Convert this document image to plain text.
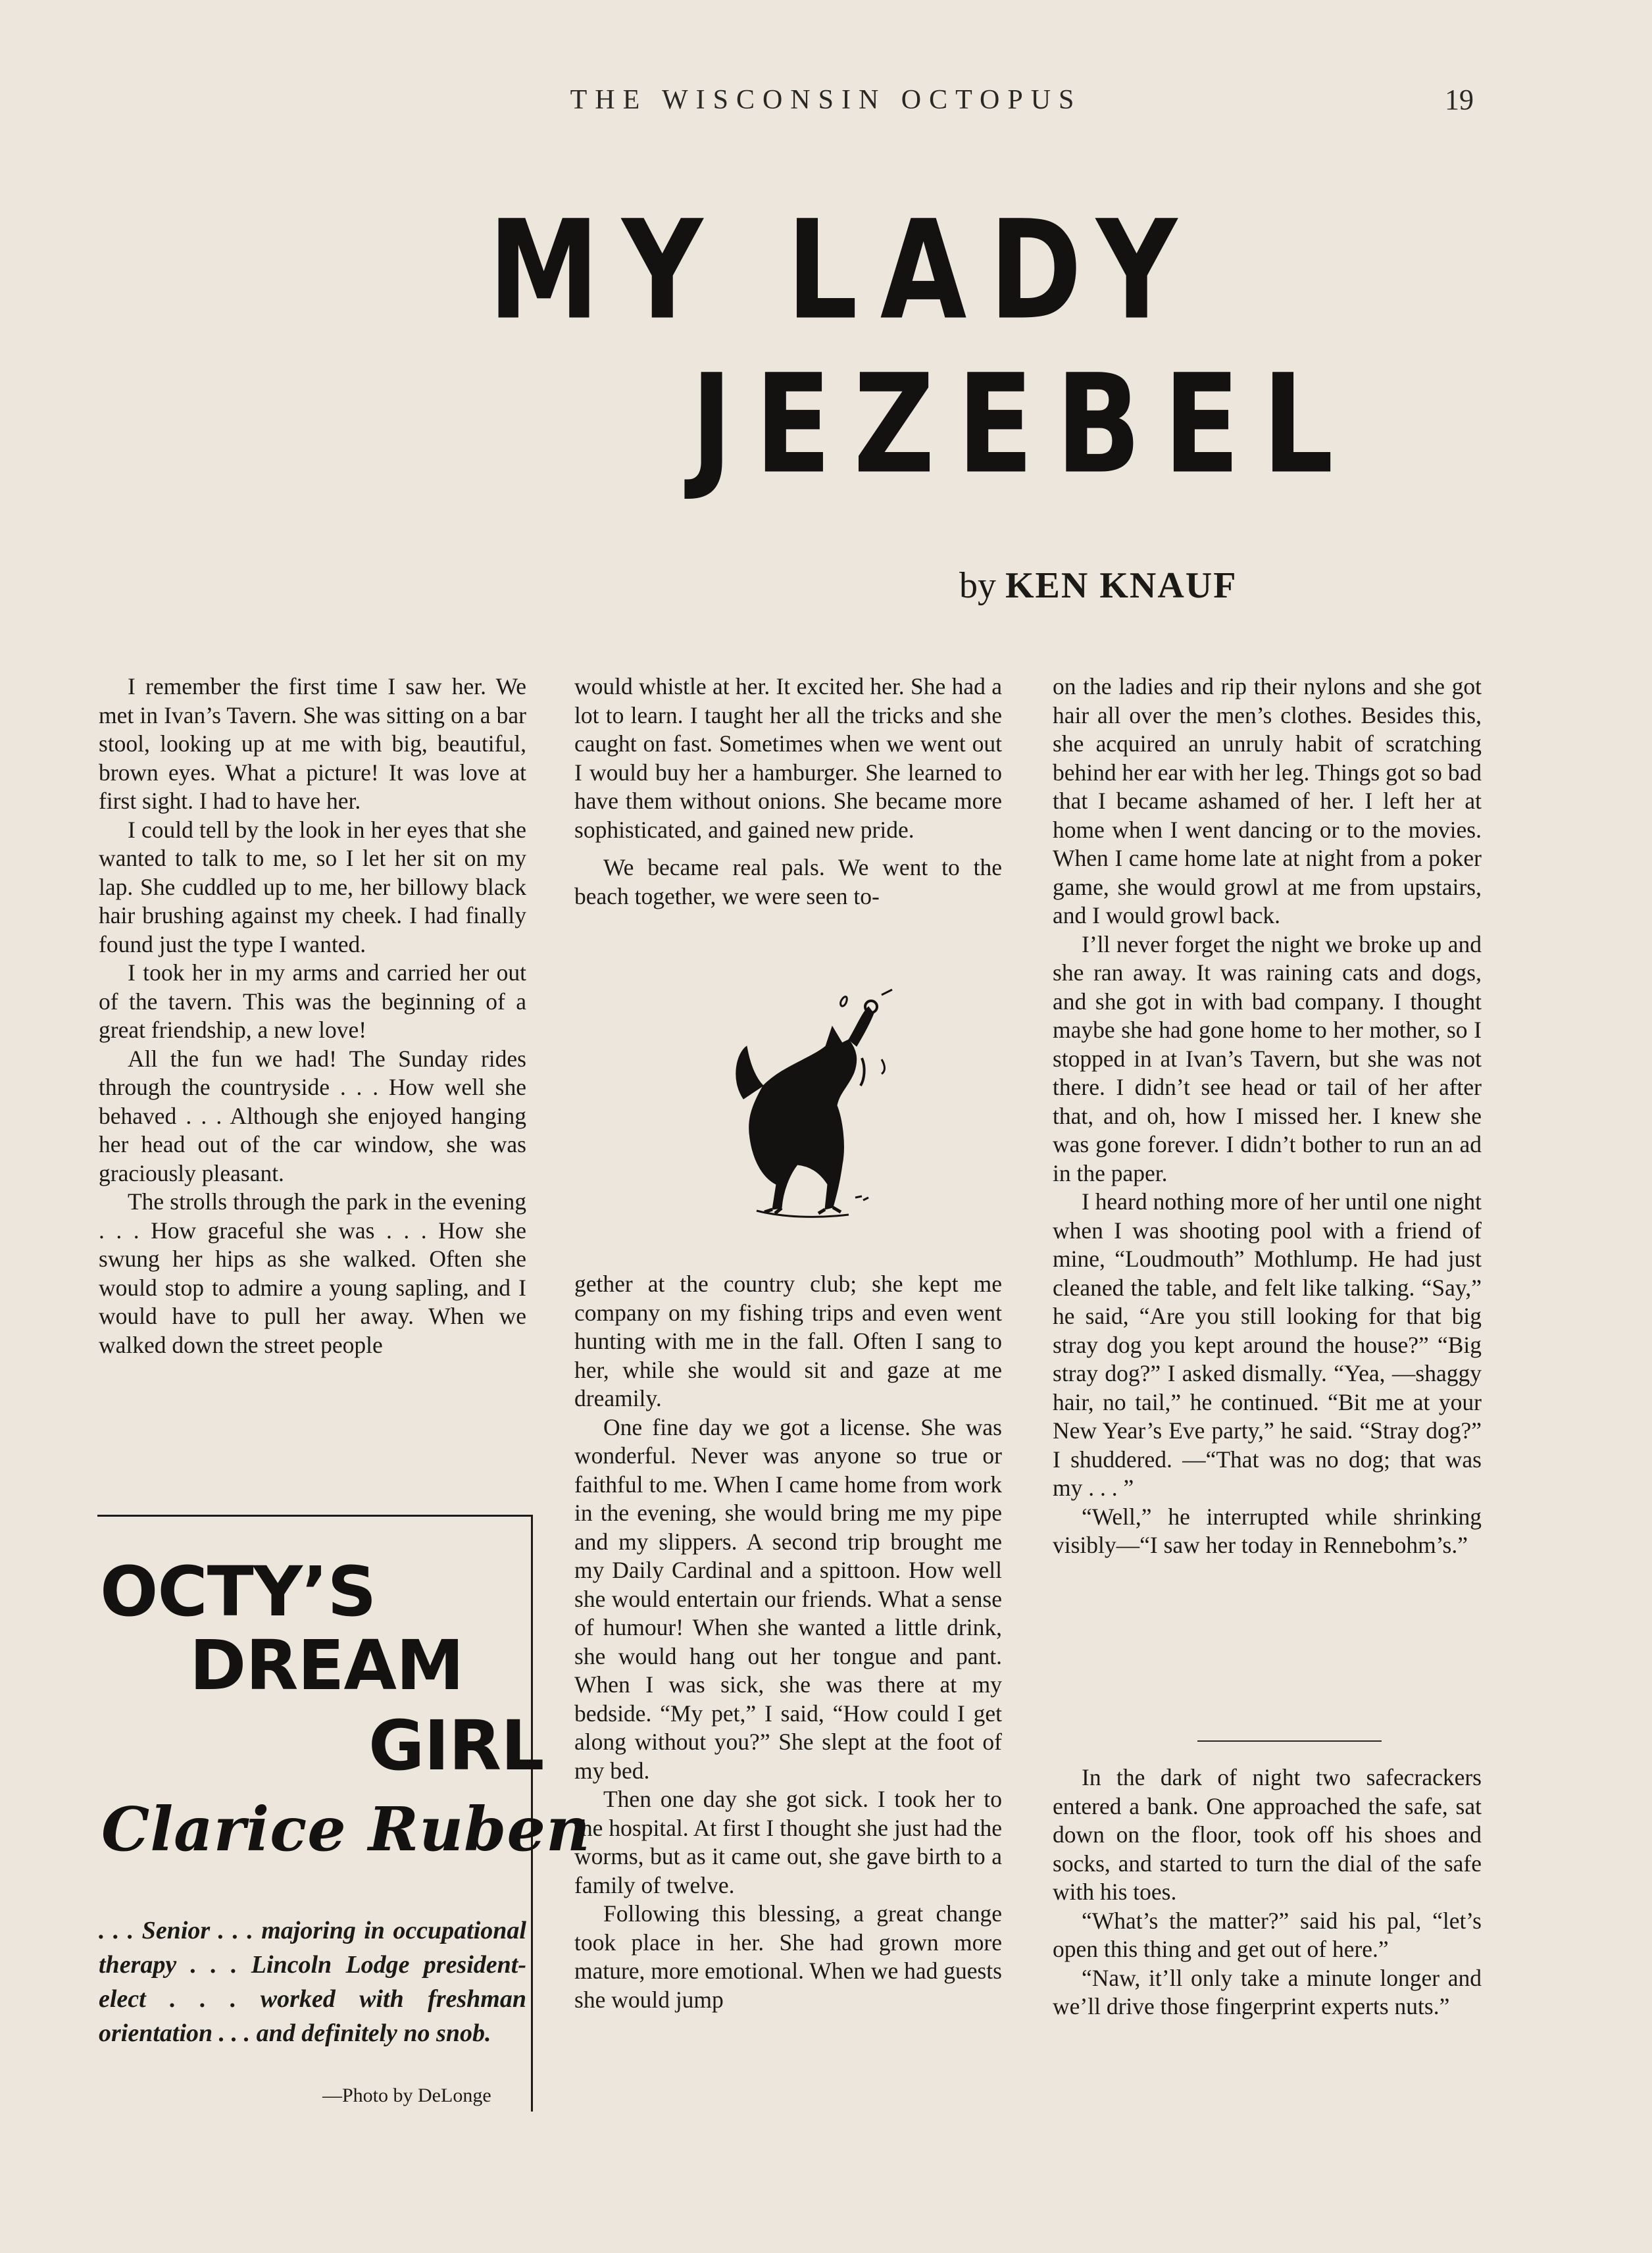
THE WISCONSIN OCTOPUS	19
MY LADY
JEZEBEL
by KEN KNAUF

I remember the first time I saw her. We met in Ivan’s Tavern. She was sitting on a bar stool, looking up at me with big, beautiful, brown eyes. What a picture! It was love at first sight. I had to have her.

I could tell by the look in her eyes that she wanted to talk to me, so I let her sit on my lap. She cuddled up to me, her billowy black hair brushing against my cheek. I had finally found just the type I wanted.

I took her in my arms and carried her out of the tavern. This was the beginning of a great friendship, a new love!

All the fun we had! The Sunday rides through the countryside . . . How well she behaved . . . Although she enjoyed hanging her head out of the car window, she was graciously pleasant.

The strolls through the park in the evening . . . How graceful she was . . . How she swung her hips as she walked. Often she would stop to admire a young sapling, and I would have to pull her away. When we walked down the street people

would whistle at her. It excited her. She had a lot to learn. I taught her all the tricks and she caught on fast. Sometimes when we went out I would buy her a hamburger. She learned to have them without onions. She became more sophisticated, and gained new pride.

We became real pals. We went to the beach together, we were seen to-

gether at the country club; she kept me company on my fishing trips and even went hunting with me in the fall. Often I sang to her, while she would sit and gaze at me dreamily.

One fine day we got a license. She was wonderful. Never was anyone so true or faithful to me. When I came home from work in the evening, she would bring me my pipe and my slippers. A second trip brought me my Daily Cardinal and a spittoon. How well she would entertain our friends. What a sense of humour! When she wanted a little drink, she would hang out her tongue and pant. When I was sick, she was there at my bedside. “My pet,” I said, “How could I get along without you?” She slept at the foot of my bed.

Then one day she got sick. I took her to the hospital. At first I thought she just had the worms, but as it came out, she gave birth to a family of twelve.

Following this blessing, a great change took place in her. She had grown more mature, more emotional. When we had guests she would jump

on the ladies and rip their nylons and she got hair all over the men’s clothes. Besides this, she acquired an unruly habit of scratching behind her ear with her leg. Things got so bad that I became ashamed of her. I left her at home when I went dancing or to the movies. When I came home late at night from a poker game, she would growl at me from upstairs, and I would growl back.

I’ll never forget the night we broke up and she ran away. It was raining cats and dogs, and she got in with bad company. I thought maybe she had gone home to her mother, so I stopped in at Ivan’s Tavern, but she was not there. I didn’t see head or tail of her after that, and oh, how I missed her. I knew she was gone forever. I didn’t bother to run an ad in the paper.

I heard nothing more of her until one night when I was shooting pool with a friend of mine, “Loudmouth” Mothlump. He had just cleaned the table, and felt like talking. “Say,” he said, “Are you still looking for that big stray dog you kept around the house?” “Big stray dog?” I asked dismally. “Yea, —shaggy hair, no tail,” he continued. “Bit me at your New Year’s Eve party,” he said. “Stray dog?” I shuddered. —“That was no dog; that was my . . . ”

“Well,” he interrupted while shrinking visibly—“I saw her today in Rennebohm’s.”

In the dark of night two safecrackers entered a bank. One approached the safe, sat down on the floor, took off his shoes and socks, and started to turn the dial of the safe with his toes.

“What’s the matter?” said his pal, “let’s open this thing and get out of here.”

“Naw, it’ll only take a minute longer and we’ll drive those fingerprint experts nuts.”

OCTY’S
DREAM
GIRL
Clarice Ruben
. . . Senior . . . majoring in occupational therapy . . . Lincoln Lodge president-elect . . . worked with freshman orientation . . . and definitely no snob.
—Photo by DeLonge
